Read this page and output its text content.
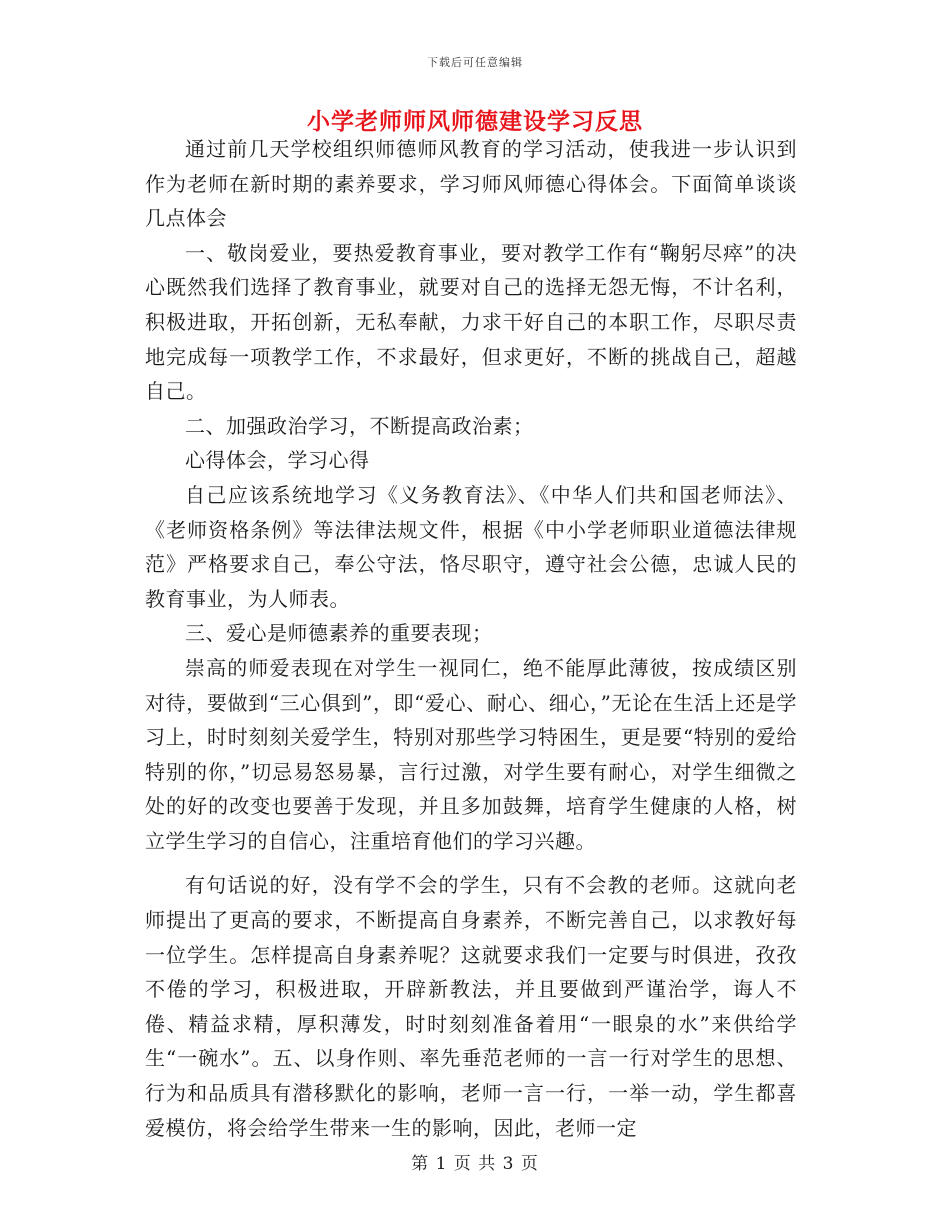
下载后可任意编辑
小学老师师风师德建设学习反思

通过前几天学校组织师德师风教育的学习活动，使我进一步认识到作为老师在新时期的素养要求，学习师风师德心得体会。下面简单谈谈几点体会

一、敬岗爱业，要热爱教育事业，要对教学工作有“鞠躬尽瘁”的决心既然我们选择了教育事业，就要对自己的选择无怨无悔，不计名利，积极进取，开拓创新，无私奉献，力求干好自己的本职工作，尽职尽责地完成每一项教学工作，不求最好，但求更好，不断的挑战自己，超越自己。

二、加强政治学习，不断提高政治素；

心得体会，学习心得

自己应该系统地学习《义务教育法》、《中华人们共和国老师法》、《老师资格条例》等法律法规文件，根据《中小学老师职业道德法律规范》严格要求自己，奉公守法，恪尽职守，遵守社会公德，忠诚人民的教育事业，为人师表。

三、爱心是师德素养的重要表现；

崇高的师爱表现在对学生一视同仁，绝不能厚此薄彼，按成绩区别对待，要做到“三心俱到”，即“爱心、耐心、细心，”无论在生活上还是学习上，时时刻刻关爱学生，特别对那些学习特困生，更是要“特别的爱给特别的你，”切忌易怒易暴，言行过激，对学生要有耐心，对学生细微之处的好的改变也要善于发现，并且多加鼓舞，培育学生健康的人格，树立学生学习的自信心，注重培育他们的学习兴趣。

有句话说的好，没有学不会的学生，只有不会教的老师。这就向老师提出了更高的要求，不断提高自身素养，不断完善自己，以求教好每一位学生。怎样提高自身素养呢？这就要求我们一定要与时俱进，孜孜不倦的学习，积极进取，开辟新教法，并且要做到严谨治学，诲人不倦、精益求精，厚积薄发，时时刻刻准备着用“一眼泉的水”来供给学生“一碗水”。五、以身作则、率先垂范老师的一言一行对学生的思想、行为和品质具有潜移默化的影响，老师一言一行，一举一动，学生都喜爱模仿，将会给学生带来一生的影响，因此，老师一定

第 1 页 共 3 页
